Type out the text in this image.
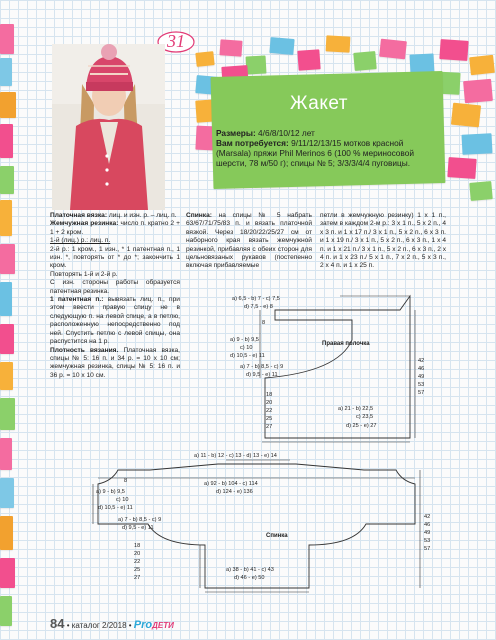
31
Жакет
Размеры: 4/6/8/10/12 лет
Вам потребуется: 9/11/12/13/15 мотков красной (Marsala) пряжи Phil Merinos 6 (100 % мериносовой шерсти, 78 м/50 г); спицы № 5; 3/3/3/4/4 пуговицы.

Платочная вязка: лиц. и изн. р. – лиц. п.

Жемчужная резинка: число п. кратно 2 + 1 + 2 кром.

1-й (лиц.) р.: лиц. п.

2-й р.: 1 кром., 1 изн., * 1 патентная п., 1 изн. *, повторять от * до *; закончить 1 кром.

Повторять 1-й и 2-й р.

С изн. стороны работы образуется патентная резинка.

1 патентная п.: вывязать лиц. п., при этом ввести правую спицу не в следующую п. на левой спице, а в петлю, расположенную непосредственно под ней. Спустить петлю с левой спицы, она распустится на 1 р.

Плотность вязания. Платочная вязка, спицы № 5: 16 п. и 34 р. = 10 х 10 см; жемчужная резинка, спицы № 5: 16 п. и 36 р. = 10 х 10 см.

Спинка: на спицы № 5 набрать 63/67/71/75/83 п. и вязать платочной вязкой. Через 18/20/22/25/27 см от наборного края вязать жемчужной резинкой, прибавляя с обеих сторон для цельновязаных рукавов (постепенно включая прибавляемые

петли в жемчужную резинку) 1 х 1 п., затем в каждом 2-м р.: 3 х 1 п., 5 х 2 п., 4 х 3 п. и 1 х 17 п./ 3 х 1 п., 5 х 2 п., 6 х 3 п. и 1 х 19 п./ 3 х 1 п., 5 х 2 п., 6 х 3 п., 1 х 4 п. и 1 х 21 п./ 3 х 1 п., 5 х 2 п., 6 х 3 п., 2 х 4 п. и 1 х 23 п./ 5 х 1 п., 7 х 2 п., 5 х 3 п., 2 х 4 п. и 1 х 25 п.

а) 6,5 - b) 7 - c) 7,5
d) 7,5 - e) 8
8
а) 9 - b) 9,5
c) 10
d) 10,5 - e) 11
Правая полочка
а) 7 - b) 8,5 - c) 9
d) 9,5 - e) 11
18
20
22
25
27
42
46
49
53
57
а) 21 - b) 22,5
c) 23,5
d) 25 - e) 27
а) 11 - b) 12 - c) 13 - d) 13 - e) 14
а) 92 - b) 104 - c) 114
d) 124 - e) 136
а) 9 - b) 9,5
c) 10
d) 10,5 - e) 11
8
а) 7 - b) 8,5 - c) 9
d) 9,5 - e) 11
Спинка
18
20
22
25
27
42
46
49
53
57
а) 38 - b) 41 - c) 43
d) 46 - e) 50
84 • каталог 2/2018 • ProДЕТИ
